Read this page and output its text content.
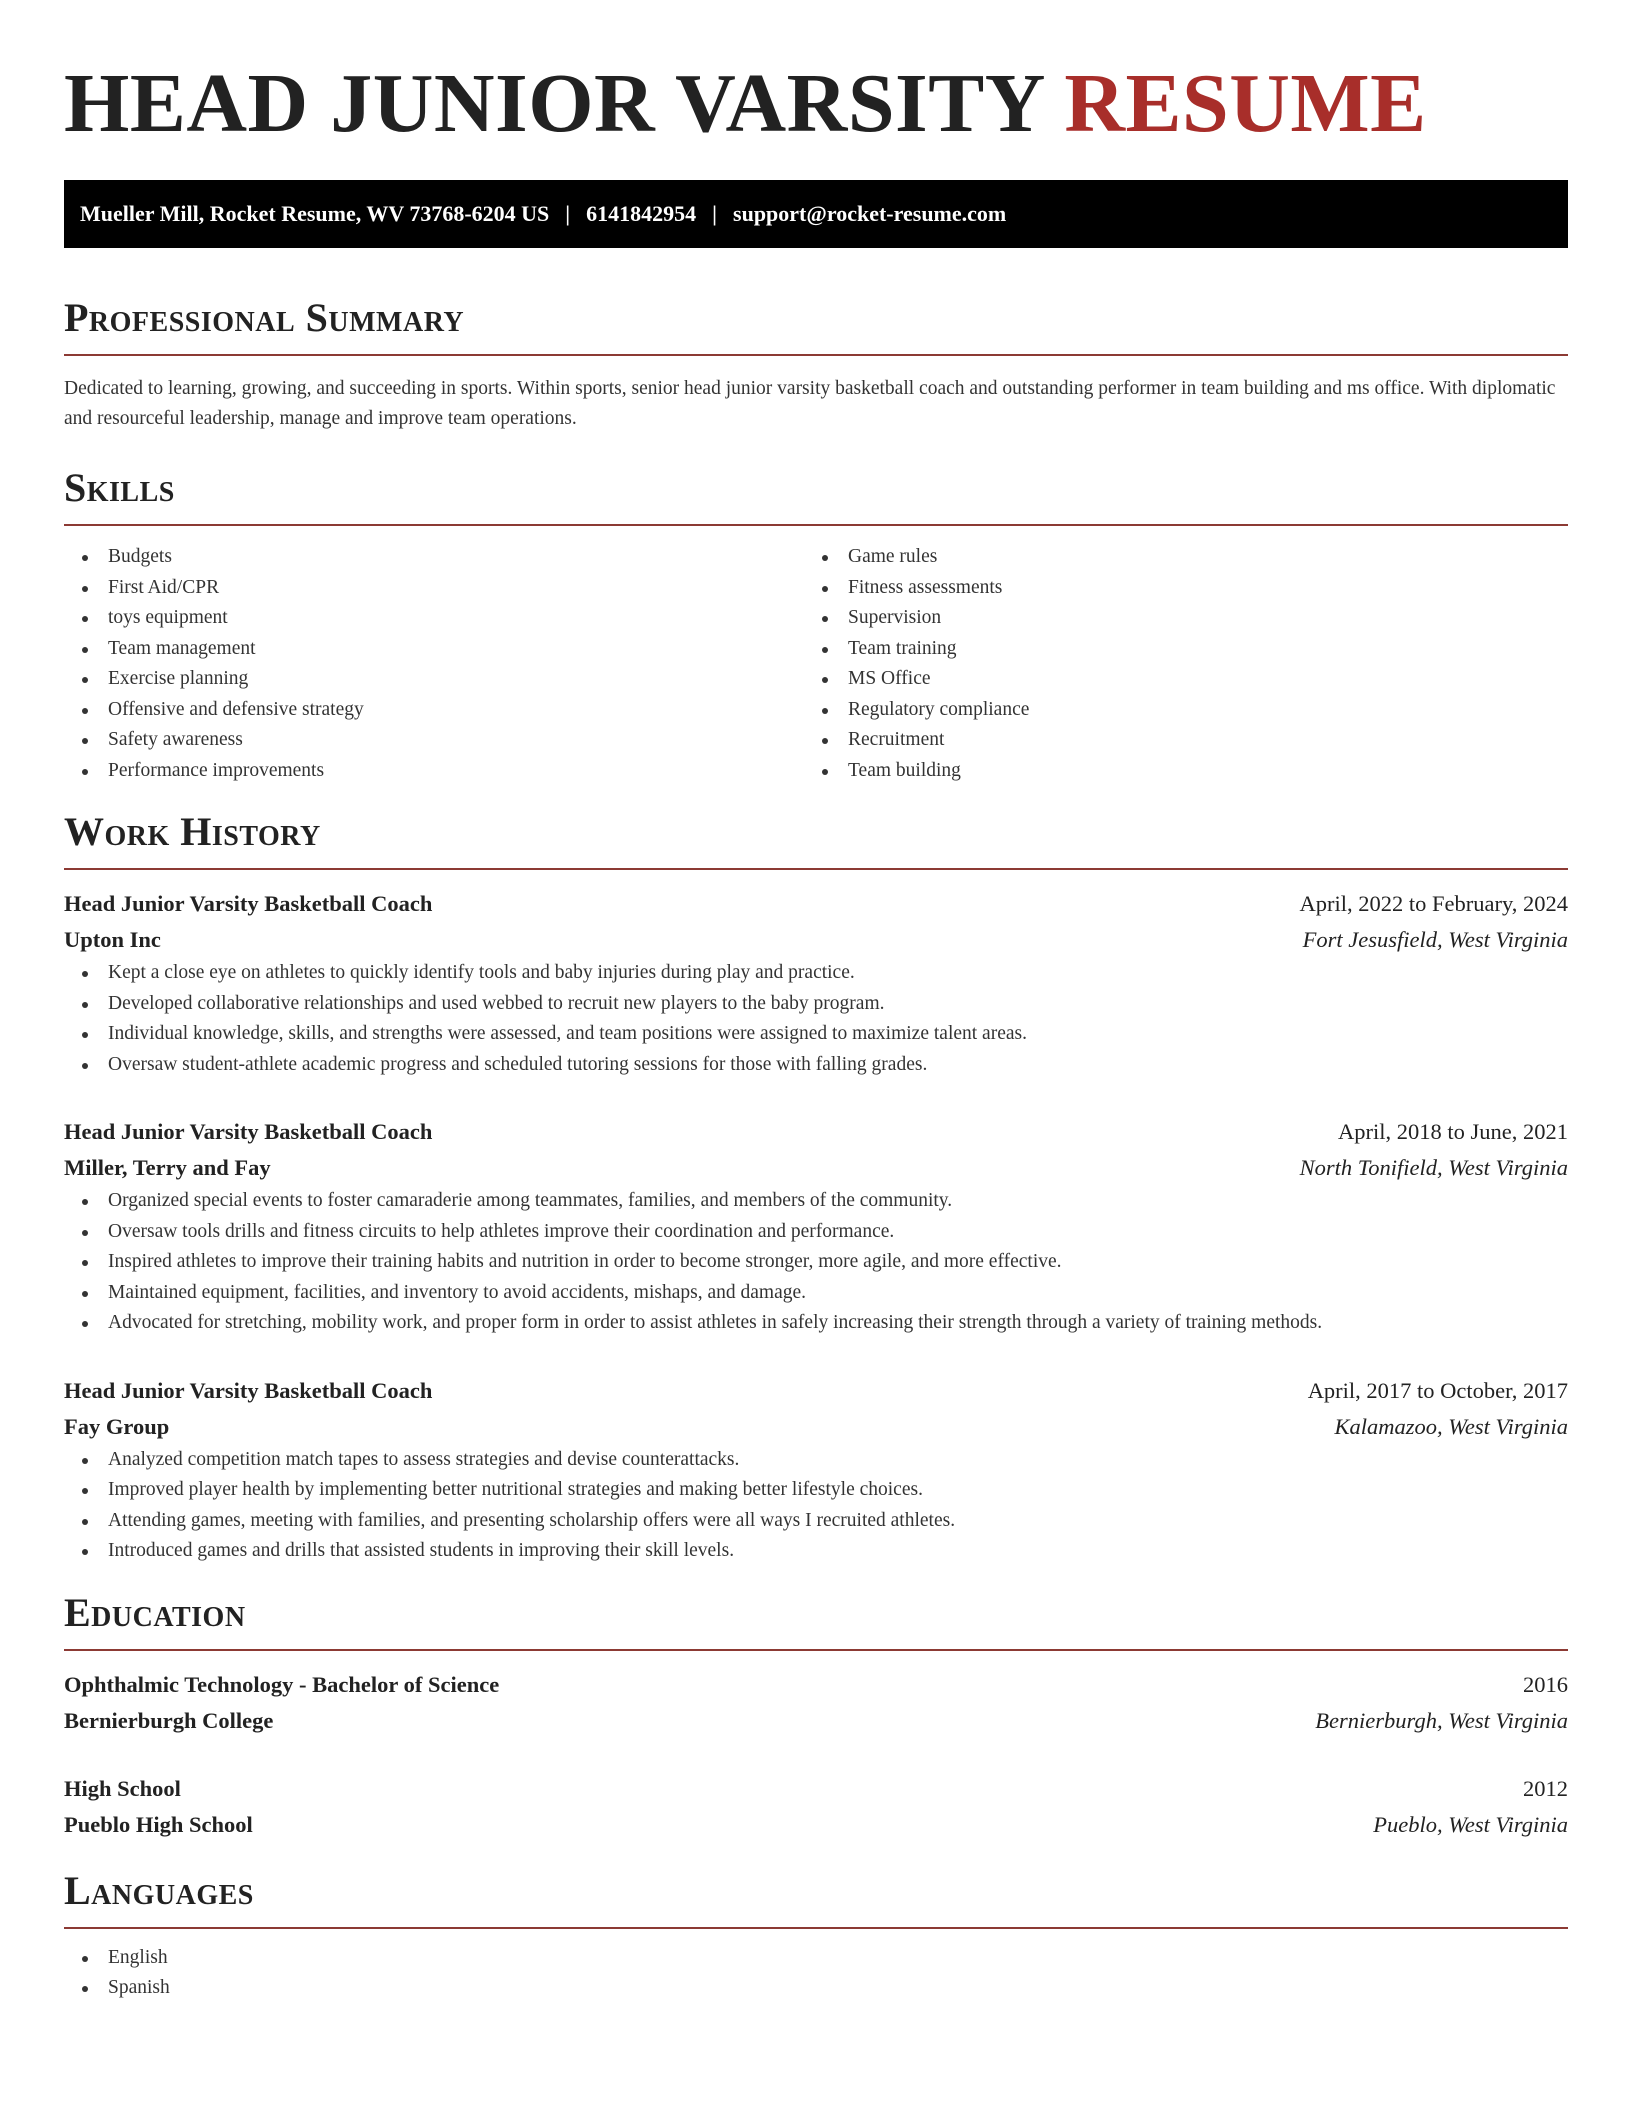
HEAD JUNIOR VARSITY RESUME
Mueller Mill, Rocket Resume, WV 73768-6204 US | 6141842954 | support@rocket-resume.com
Professional Summary

Dedicated to learning, growing, and succeeding in sports. Within sports, senior head junior varsity basketball coach and outstanding performer in team building and ms office. With diplomatic and resourceful leadership, manage and improve team operations.

Skills
Budgets
First Aid/CPR
toys equipment
Team management
Exercise planning
Offensive and defensive strategy
Safety awareness
Performance improvements
Game rules
Fitness assessments
Supervision
Team training
MS Office
Regulatory compliance
Recruitment
Team building
Work History
Head Junior Varsity Basketball Coach	April, 2022 to February, 2024
Upton Inc	Fort Jesusfield, West Virginia
Kept a close eye on athletes to quickly identify tools and baby injuries during play and practice.
Developed collaborative relationships and used webbed to recruit new players to the baby program.
Individual knowledge, skills, and strengths were assessed, and team positions were assigned to maximize talent areas.
Oversaw student-athlete academic progress and scheduled tutoring sessions for those with falling grades.
Head Junior Varsity Basketball Coach	April, 2018 to June, 2021
Miller, Terry and Fay	North Tonifield, West Virginia
Organized special events to foster camaraderie among teammates, families, and members of the community.
Oversaw tools drills and fitness circuits to help athletes improve their coordination and performance.
Inspired athletes to improve their training habits and nutrition in order to become stronger, more agile, and more effective.
Maintained equipment, facilities, and inventory to avoid accidents, mishaps, and damage.
Advocated for stretching, mobility work, and proper form in order to assist athletes in safely increasing their strength through a variety of training methods.
Head Junior Varsity Basketball Coach	April, 2017 to October, 2017
Fay Group	Kalamazoo, West Virginia
Analyzed competition match tapes to assess strategies and devise counterattacks.
Improved player health by implementing better nutritional strategies and making better lifestyle choices.
Attending games, meeting with families, and presenting scholarship offers were all ways I recruited athletes.
Introduced games and drills that assisted students in improving their skill levels.
Education
Ophthalmic Technology - Bachelor of Science	2016
Bernierburgh College	Bernierburgh, West Virginia
High School	2012
Pueblo High School	Pueblo, West Virginia
Languages
English
Spanish
